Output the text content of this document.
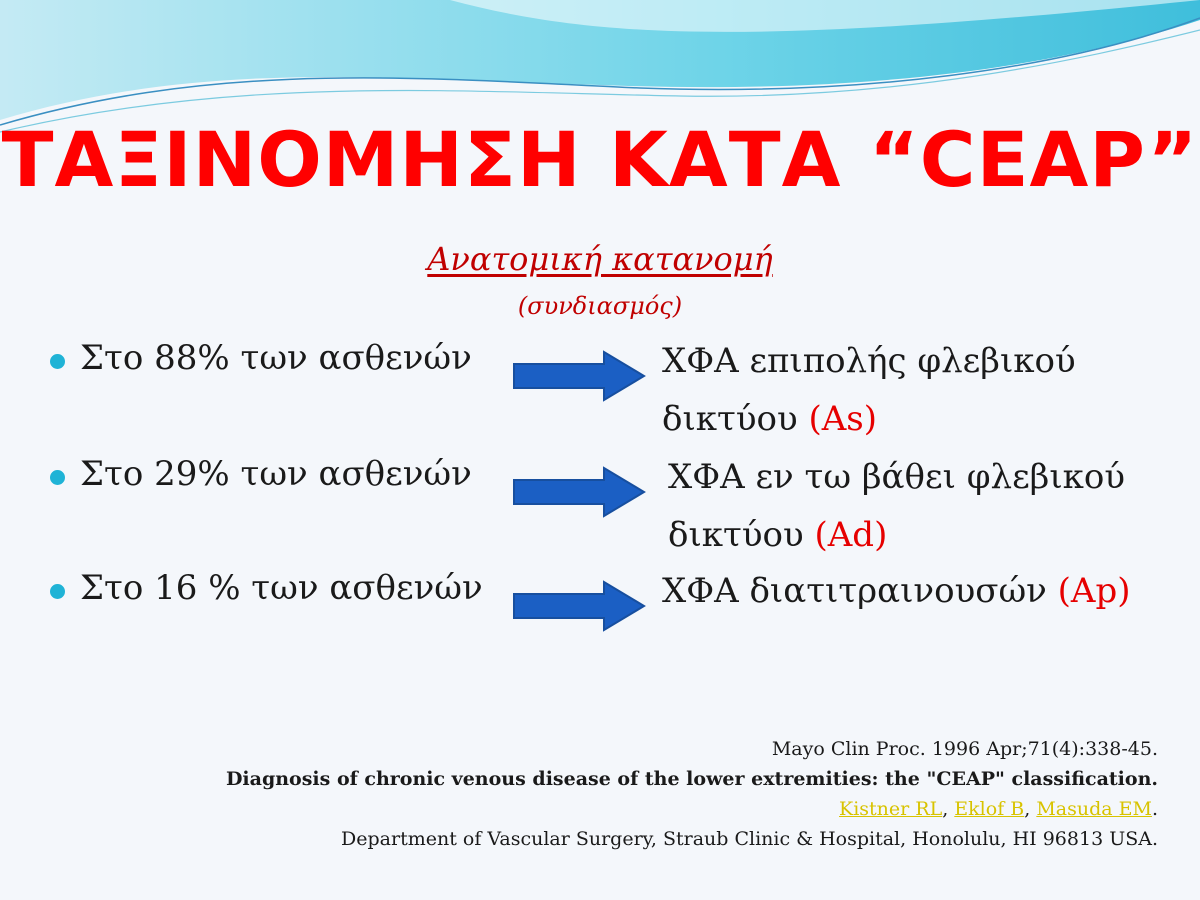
ΤΑΞΙΝΟΜΗΣΗ ΚΑΤΑ “CEAP”
Ανατομική κατανομή
(συνδιασμός)
Στο 88% των ασθενών	ΧΦΑ επιπολής φλεβικού
δικτύου (As)
Στο 29% των ασθενών	ΧΦΑ εν τω βάθει φλεβικού
δικτύου (Ad)
Στο 16 % των ασθενών	ΧΦΑ διατιτραινουσών (Ap)
Mayo Clin Proc. 1996 Apr;71(4):338-45.
Diagnosis of chronic venous disease of the lower extremities: the "CEAP" classification.
Kistner RL, Eklof B, Masuda EM.
Department of Vascular Surgery, Straub Clinic & Hospital, Honolulu, HI 96813 USA.
